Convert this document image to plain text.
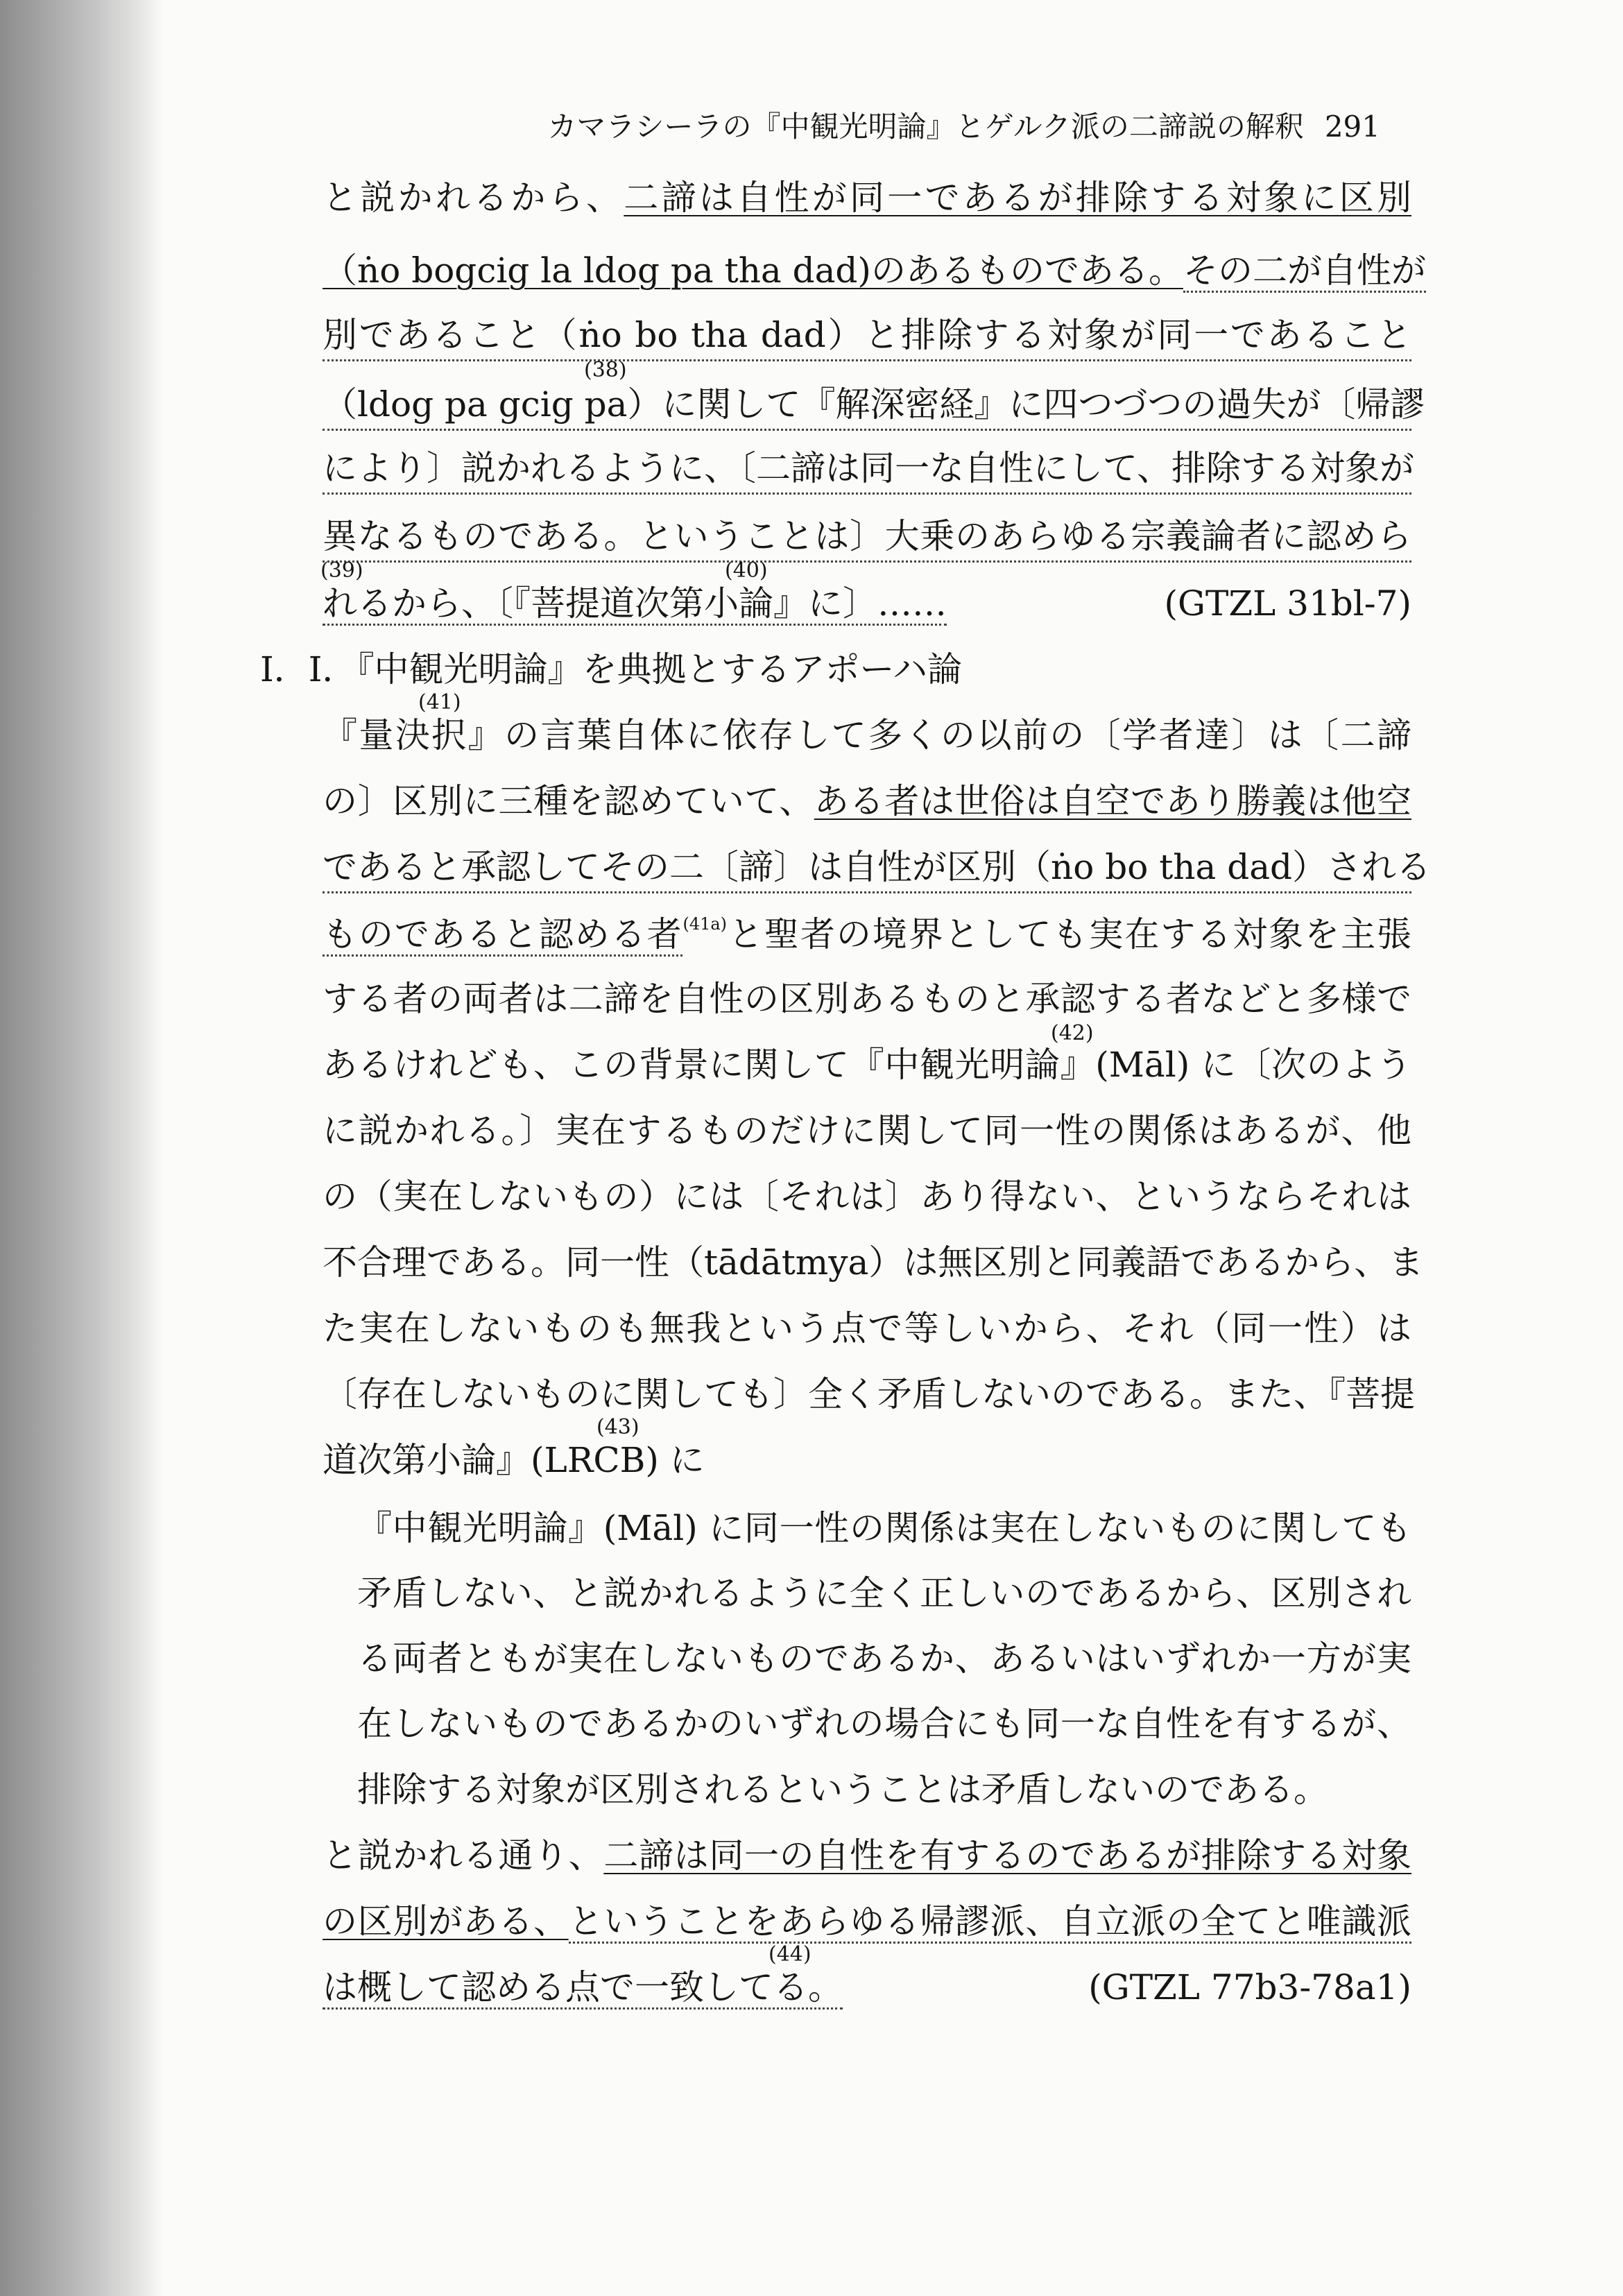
カマラシーラの『中観光明論』とゲルク派の二諦説の解釈 291
と説かれるから、二諦は自性が同一であるが排除する対象に区別
（ṅo bogcig la ldog pa tha dad)のあるものである。その二が自性が
別であること（ṅo bo tha dad）と排除する対象が同一であること
(38)
（ldog pa gcig pa）に関して『解深密経』に四つづつの過失が〔帰謬
により〕説かれるように、〔二諦は同一な自性にして、排除する対象が
異なるものである。ということは〕大乗のあらゆる宗義論者に認めら
(39)	(40)
れるから、〔『菩提道次第小論』に〕……	(GTZL 31bl-7)
I．I．『中観光明論』を典拠とするアポーハ論
(41)
『量決択』の言葉自体に依存して多くの以前の〔学者達〕は〔二諦
の〕区別に三種を認めていて、ある者は世俗は自空であり勝義は他空
であると承認してその二〔諦〕は自性が区別（ṅo bo tha dad）される
ものであると認める者$^{(41a)}$と聖者の境界としても実在する対象を主張
する者の両者は二諦を自性の区別あるものと承認する者などと多様で
(42)
あるけれども、この背景に関して『中観光明論』(Māl) に〔次のよう
に説かれる。〕実在するものだけに関して同一性の関係はあるが、他
の（実在しないもの）には〔それは〕あり得ない、というならそれは
不合理である。同一性（tādātmya）は無区別と同義語であるから、ま
た実在しないものも無我という点で等しいから、それ（同一性）は
〔存在しないものに関しても〕全く矛盾しないのである。また、『菩提
(43)
道次第小論』(LRCB) に
『中観光明論』(Māl) に同一性の関係は実在しないものに関しても
矛盾しない、と説かれるように全く正しいのであるから、区別され
る両者ともが実在しないものであるか、あるいはいずれか一方が実
在しないものであるかのいずれの場合にも同一な自性を有するが、
排除する対象が区別されるということは矛盾しないのである。
と説かれる通り、二諦は同一の自性を有するのであるが排除する対象
の区別がある、ということをあらゆる帰謬派、自立派の全てと唯識派
(44)
は概して認める点で一致してる。	(GTZL 77b3-78a1)
